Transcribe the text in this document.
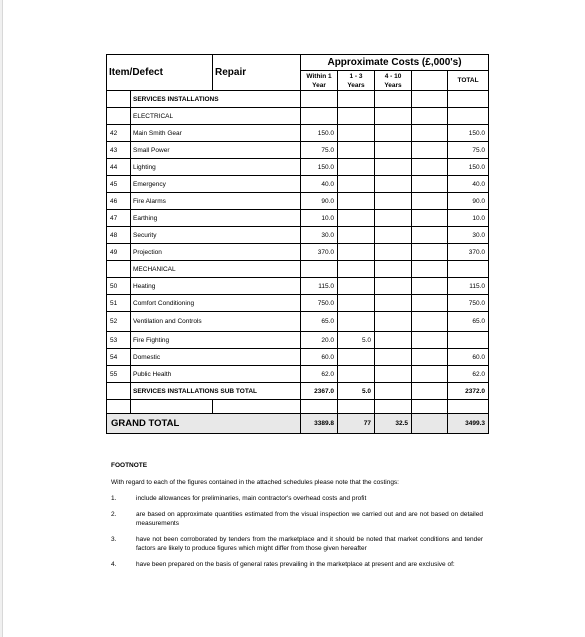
Item/Defect		Repair	Approximate Costs (£,000's)				
			Within 1 Year	1 - 3 Years	4 - 10 Years		TOTAL
	SERVICES INSTALLATIONS						
	ELECTRICAL						
42	Main Smith Gear		150.0				150.0
43	Small Power		75.0				75.0
44	Lighting		150.0				150.0
45	Emergency		40.0				40.0
46	Fire Alarms		90.0				90.0
47	Earthing		10.0				10.0
48	Security		30.0				30.0
49	Projection		370.0				370.0
	MECHANICAL						
50	Heating		115.0				115.0
51	Comfort Conditioning		750.0				750.0
52	Ventilation and Controls		65.0				65.0
53	Fire Fighting		20.0	5.0			
54	Domestic		60.0				60.0
55	Public Health		62.0				62.0
	SERVICES INSTALLATIONS SUB TOTAL		2367.0	5.0			2372.0

GRAND TOTAL			3389.8	77	32.5		3499.3
FOOTNOTE
With regard to each of the figures contained in the attached schedules please note that the costings:
1.	include allowances for preliminaries, main contractor's overhead costs and profit
2.	are based on approximate quantities estimated from the visual inspection we carried out and are not based on detailed measurements
3.	have not been corroborated by tenders from the marketplace and it should be noted that market conditions and tender factors are likely to produce figures which might differ from those given hereafter
4.	have been prepared on the basis of general rates prevailing in the marketplace at present and are exclusive of:
